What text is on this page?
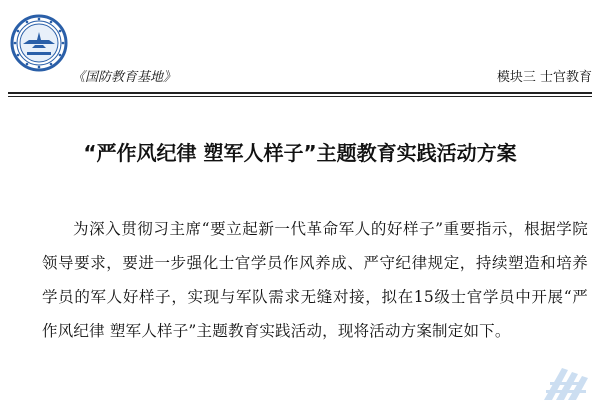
《国防教育基地》	模块三 士官教育
“严作风纪律 塑军人样子”主题教育实践活动方案
为深入贯彻习主席“要立起新一代革命军人的好样子”重要指示，根据学院领导要求，要进一步强化士官学员作风养成、严守纪律规定，持续塑造和培养学员的军人好样子，实现与军队需求无缝对接，拟在15级士官学员中开展“严作风纪律 塑军人样子”主题教育实践活动，现将活动方案制定如下。
